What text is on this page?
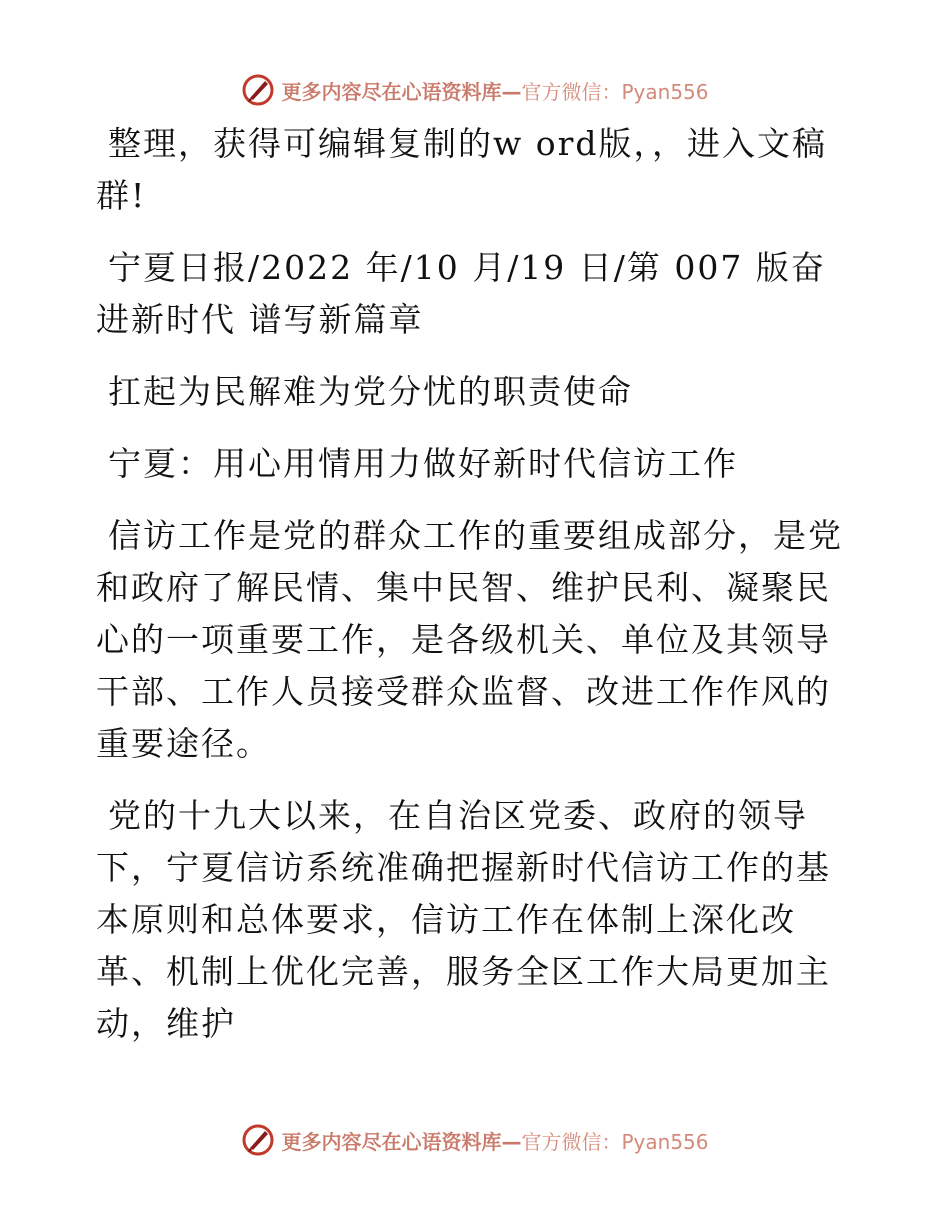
更多内容尽在心语资料库—官方微信：Pyan556

整理，获得可编辑复制的w ord版，，进入文稿群!

宁夏日报/2022 年/10 月/19 日/第 007 版奋进新时代 谱写新篇章

扛起为民解难为党分忧的职责使命

宁夏：用心用情用力做好新时代信访工作

信访工作是党的群众工作的重要组成部分，是党和政府了解民情、集中民智、维护民利、凝聚民心的一项重要工作，是各级机关、单位及其领导干部、工作人员接受群众监督、改进工作作风的重要途径。

党的十九大以来，在自治区党委、政府的领导下，宁夏信访系统准确把握新时代信访工作的基本原则和总体要求，信访工作在体制上深化改革、机制上优化完善，服务全区工作大局更加主动，维护

更多内容尽在心语资料库—官方微信：Pyan556
